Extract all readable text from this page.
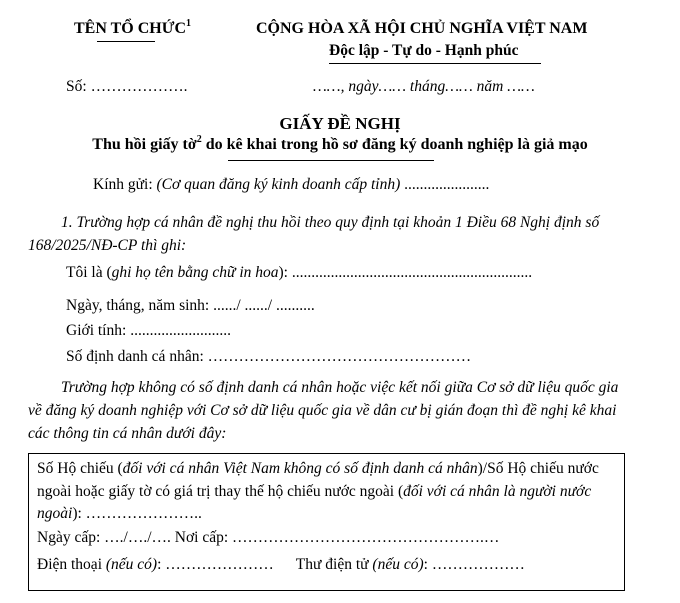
TÊN TỔ CHỨC$^1$	CỘNG HÒA XÃ HỘI CHỦ NGHĨA VIỆT NAM
Độc lập - Tự do - Hạnh phúc
Số: ……………….	……, ngày…… tháng…… năm ……
GIẤY ĐỀ NGHỊ
Thu hồi giấy tờ$^2$ do kê khai trong hồ sơ đăng ký doanh nghiệp là giả mạo
Kính gửi: (Cơ quan đăng ký kinh doanh cấp tỉnh) ......................
1. Trường hợp cá nhân đề nghị thu hồi theo quy định tại khoản 1 Điều 68 Nghị định số 168/2025/NĐ-CP thì ghi:
Tôi là (ghi họ tên bằng chữ in hoa): ..............................................................
Ngày, tháng, năm sinh: ....../ ....../ ..........
Giới tính: ..........................
Số định danh cá nhân: ……………………………………………
Trường hợp không có số định danh cá nhân hoặc việc kết nối giữa Cơ sở dữ liệu quốc gia về đăng ký doanh nghiệp với Cơ sở dữ liệu quốc gia về dân cư bị gián đoạn thì đề nghị kê khai các thông tin cá nhân dưới đây:
Số Hộ chiếu (đối với cá nhân Việt Nam không có số định danh cá nhân)/Số Hộ chiếu nước ngoài hoặc giấy tờ có giá trị thay thế hộ chiếu nước ngoài (đối với cá nhân là người nước ngoài): …………………..
Ngày cấp: …./…./…. Nơi cấp: ………………………………………….…
Điện thoại (nếu có): ………………… Thư điện tử (nếu có): ………………
